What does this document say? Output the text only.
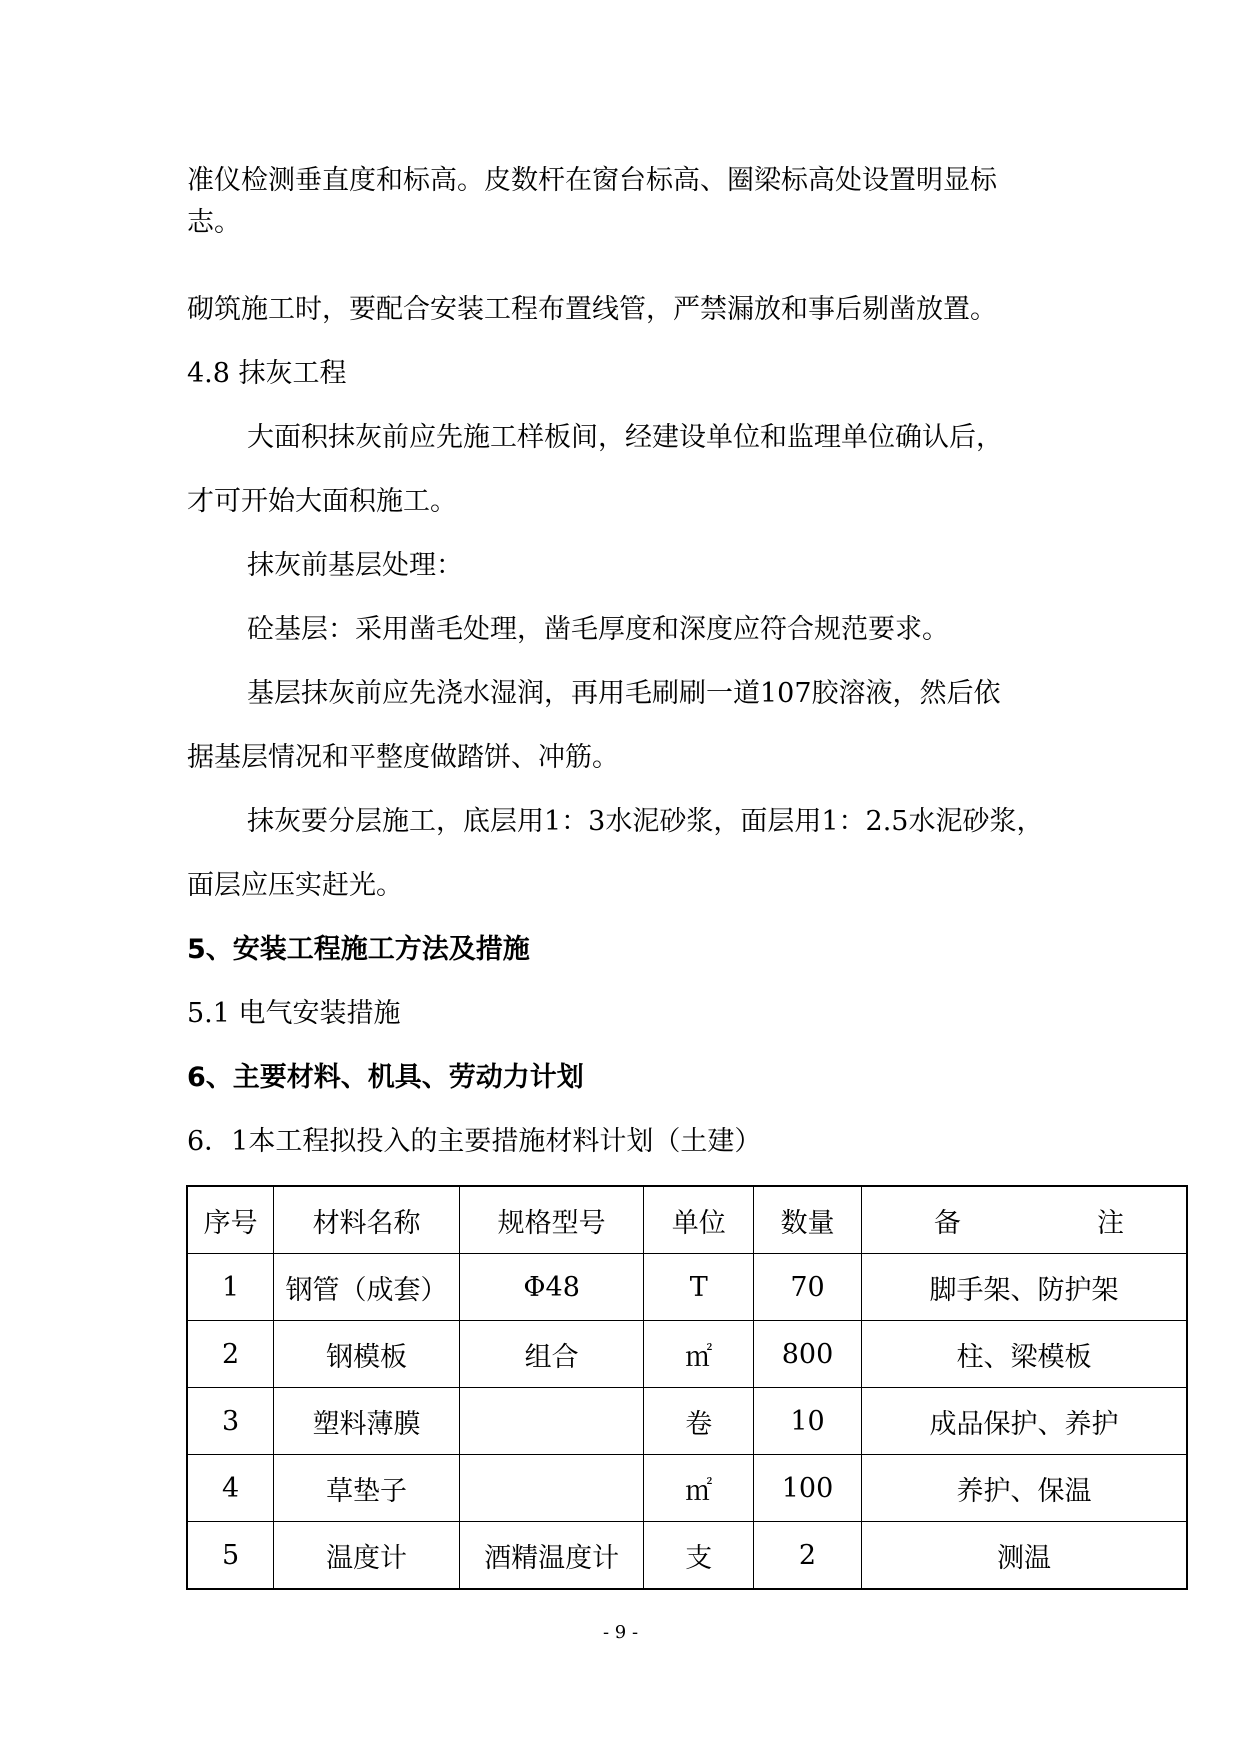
准仪检测垂直度和标高。皮数杆在窗台标高、圈梁标高处设置明显标
志。
砌筑施工时，要配合安装工程布置线管，严禁漏放和事后剔凿放置。
4.8 抹灰工程
大面积抹灰前应先施工样板间，经建设单位和监理单位确认后，
才可开始大面积施工。
抹灰前基层处理：
砼基层：采用凿毛处理，凿毛厚度和深度应符合规范要求。
基层抹灰前应先浇水湿润，再用毛刷刷一道107胶溶液，然后依
据基层情况和平整度做踏饼、冲筋。
抹灰要分层施工，底层用1：3水泥砂浆，面层用1：2.5水泥砂浆，
面层应压实赶光。
5、安装工程施工方法及措施
5.1 电气安装措施
6、主要材料、机具、劳动力计划
6．1本工程拟投入的主要措施材料计划（土建）
序号	材料名称	规格型号	单位	数量	备 注

1	钢管（成套）	Φ48	T	70	脚手架、防护架
2	钢模板	组合	㎡	800	柱、梁模板
3	塑料薄膜		卷	10	成品保护、养护
4	草垫子		㎡	100	养护、保温
5	温度计	酒精温度计	支	2	测温
- 9 -
